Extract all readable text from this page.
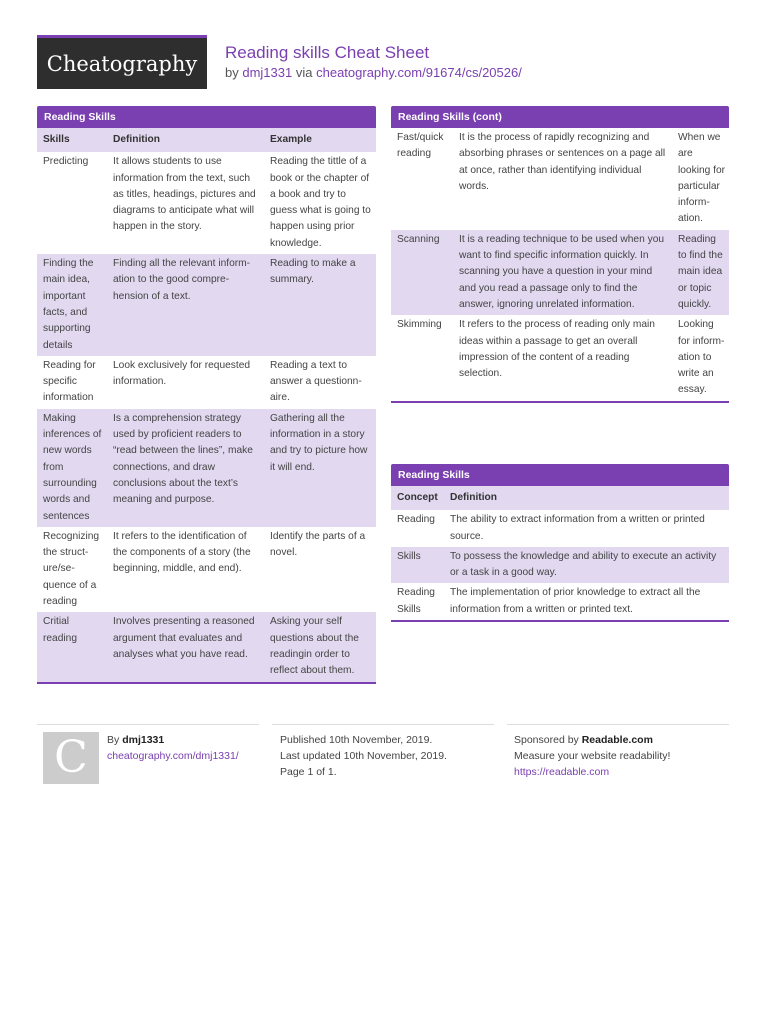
Cheatography	Reading skills Cheat Sheet
by dmj1331 via cheatography.com/91674/cs/20526/
Reading Skills
Skills	Definition	Example
Predicting	It allows students to use information from the text, such as titles, headings, pictures and diagrams to anticipate what will happen in the story.	Reading the tittle of a book or the chapter of a book and try to guess what is going to happen using prior knowledge.
Finding the main idea, important facts, and supporting details	Finding all the relevant information to the good comprehension of a text.	Reading to make a summary.
Reading for specific information	Look exclusively for requested information.	Reading a text to answer a questionnaire.
Making inferences of new words from surrounding words and sentences	Is a comprehension strategy used by proficient readers to “read between the lines”, make connections, and draw conclusions about the text’s meaning and purpose.	Gathering all the information in a story and try to picture how it will end.
Recognizing the structure/sequence of a reading	It refers to the identification of the components of a story (the beginning, middle, and end).	Identify the parts of a novel.
Critial reading	Involves presenting a reasoned argument that evaluates and analyses what you have read.	Asking your self questions about the readingin order to reflect about them.
Reading Skills (cont)
Fast/quick reading	It is the process of rapidly recognizing and absorbing phrases or sentences on a page all at once, rather than identifying individual words.	When we are looking for particular information.
Scanning	It is a reading technique to be used when you want to find specific information quickly. In scanning you have a question in your mind and you read a passage only to find the answer, ignoring unrelated information.	Reading to find the main idea or topic quickly.
Skimming	It refers to the process of reading only main ideas within a passage to get an overall impression of the content of a reading selection.	Looking for information to write an essay.
Reading Skills
Concept	Definition
Reading	The ability to extract information from a written or printed source.
Skills	To possess the knowledge and ability to execute an activity or a task in a good way.
Reading Skills	The implementation of prior knowledge to extract all the information from a written or printed text.
C	By dmj1331
cheatography.com/dmj1331/
Published 10th November, 2019.
Last updated 10th November, 2019.
Page 1 of 1.
Sponsored by Readable.com
Measure your website readability!
https://readable.com
